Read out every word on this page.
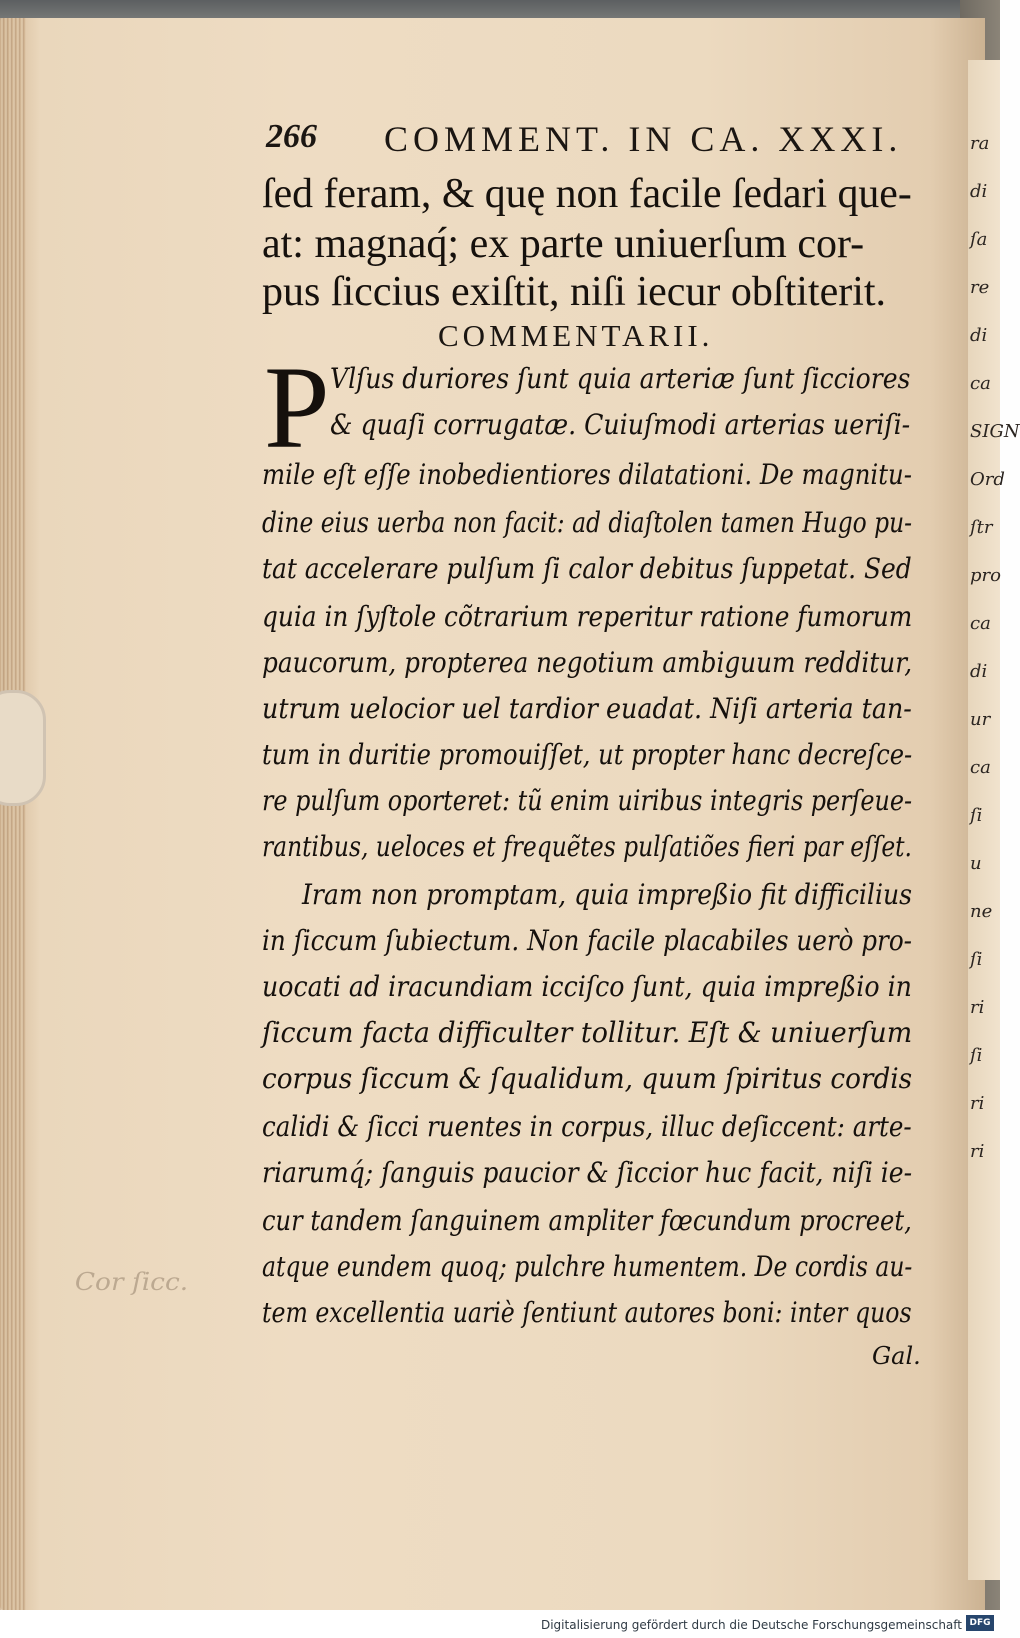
ra
di
ſa
re
di
ca
SIGN
Ord
ſtr
pro
ca
di
ur
ca
ſi
u
ne
ſi
ri
ſi
ri
ri
Cor ſicc.
266 COMMENT. IN CA. XXXI.
ſed feram, & quę non facile ſedari que-
at: magnaq́; ex parte uniuerſum cor-
pus ſiccius exiſtit, niſi iecur obſtiterit.
COMMENTARII.
P Vlſus duriores ſunt quia arteriæ ſunt ſicciores
& quaſi corrugatæ. Cuiuſmodi arterias ueriſi-
mile eſt eſſe inobedientiores dilatationi. De magnitu-
dine eius uerba non facit: ad diaſtolen tamen Hugo pu-
tat accelerare pulſum ſi calor debitus ſuppetat. Sed
quia in ſyſtole cõtrarium reperitur ratione fumorum
paucorum, propterea negotium ambiguum redditur,
utrum uelocior uel tardior euadat. Niſi arteria tan-
tum in duritie promouiſſet, ut propter hanc decreſce-
re pulſum oporteret: tũ enim uiribus integris perſeue-
rantibus, ueloces et frequẽtes pulſatiões fieri par eſſet.
Iram non promptam, quia impreßio fit difficilius
in ſiccum ſubiectum. Non facile placabiles uerò pro-
uocati ad iracundiam icciſco ſunt, quia impreßio in
ſiccum facta difficulter tollitur. Eſt & uniuerſum
corpus ſiccum & ſqualidum, quum ſpiritus cordis
calidi & ſicci ruentes in corpus, illuc deſiccent: arte-
riarumq́; ſanguis paucior & ſiccior huc facit, niſi ie-
cur tandem ſanguinem ampliter fœcundum procreet,
atque eundem quoq; pulchre humentem. De cordis au-
tem excellentia uariè ſentiunt autores boni: inter quos
Gal.
Digitalisierung gefördert durch die Deutsche Forschungsgemeinschaft DFG
